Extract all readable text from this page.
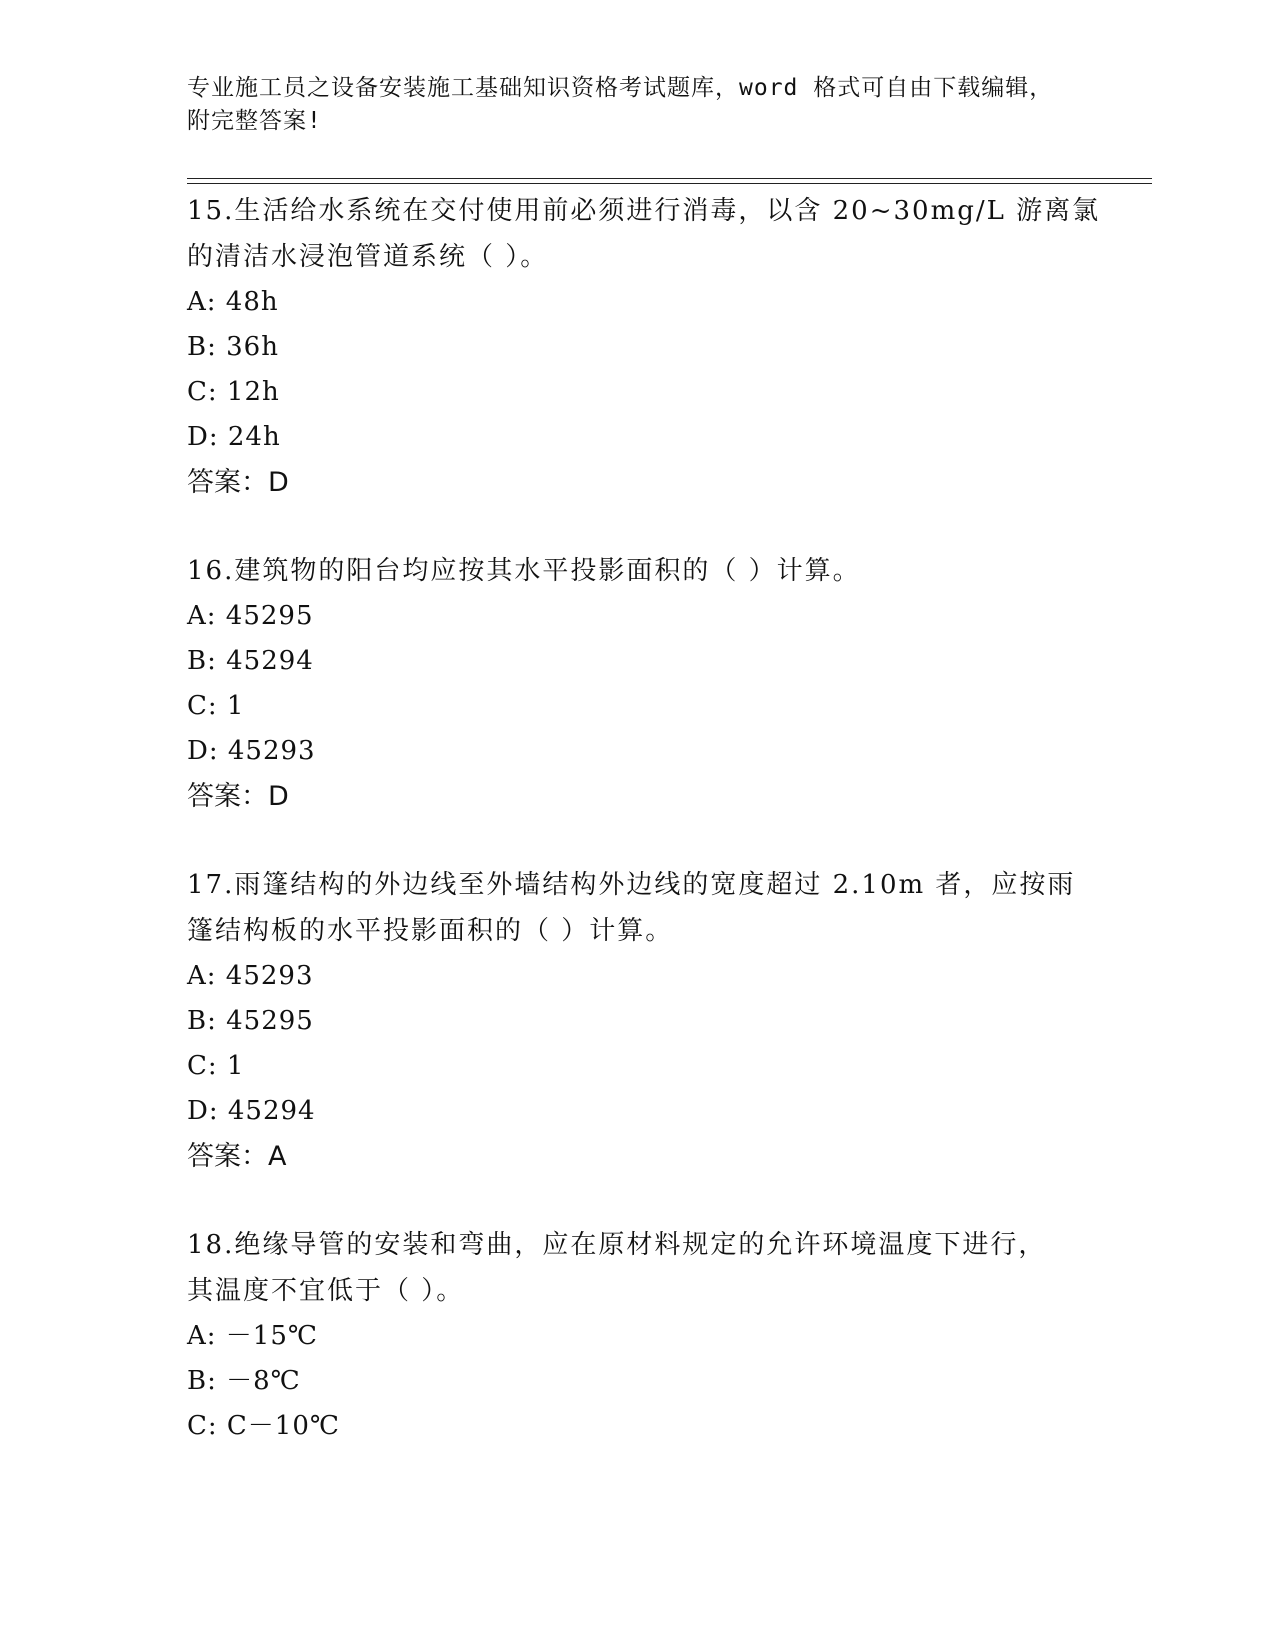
专业施工员之设备安装施工基础知识资格考试题库，word 格式可自由下载编辑，
附完整答案!
15.生活给水系统在交付使用前必须进行消毒，以含 20~30mg/L 游离氯
的清洁水浸泡管道系统（ ）。
A: 48h
B: 36h
C: 12h
D: 24h
答案：D
16.建筑物的阳台均应按其水平投影面积的（ ）计算。
A: 45295
B: 45294
C: 1
D: 45293
答案：D
17.雨篷结构的外边线至外墙结构外边线的宽度超过 2.10m 者，应按雨
篷结构板的水平投影面积的（ ）计算。
A: 45293
B: 45295
C: 1
D: 45294
答案：A
18.绝缘导管的安装和弯曲，应在原材料规定的允许环境温度下进行，
其温度不宜低于（ ）。
A: －15℃
B: －8℃
C: C－10℃
